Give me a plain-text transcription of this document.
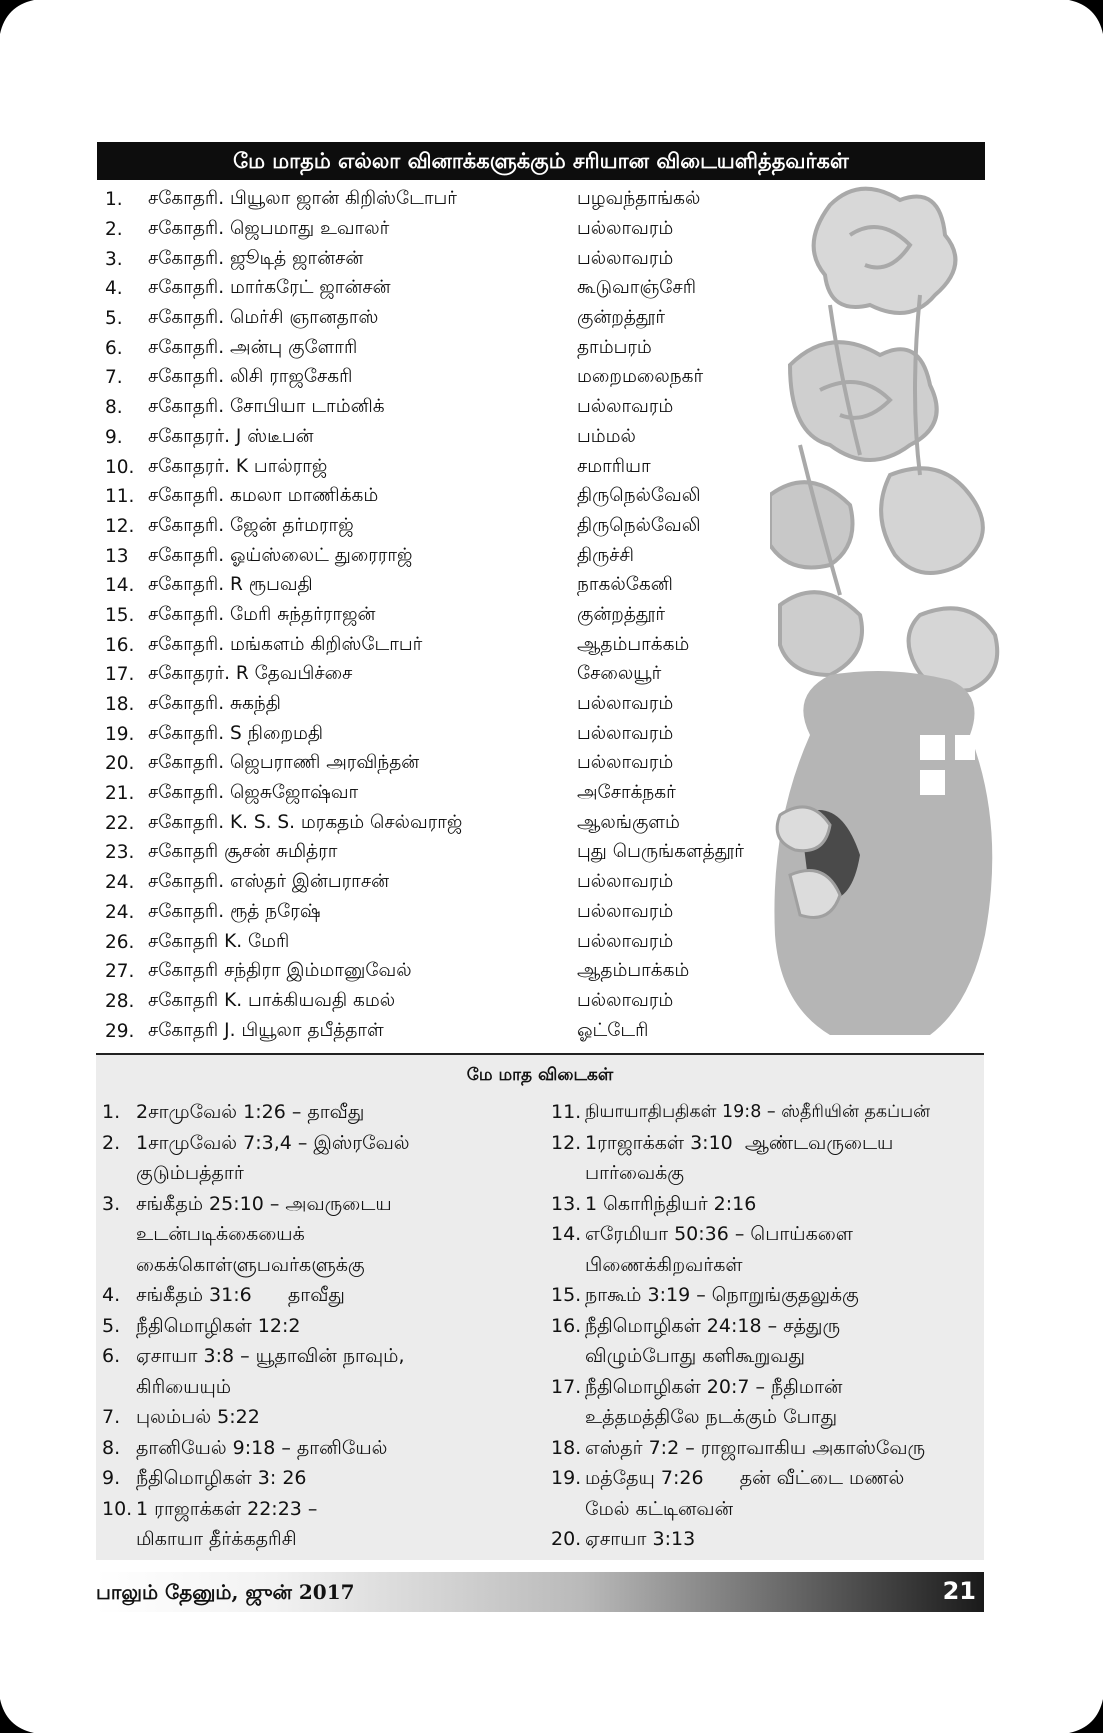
மே மாதம் எல்லா வினாக்களுக்கும் சரியான விடையளித்தவர்கள்
1.	சகோதரி. பியூலா ஜான் கிறிஸ்டோபர்	பழவந்தாங்கல்
2.	சகோதரி. ஜெபமாது உவாலர்	பல்லாவரம்
3.	சகோதரி. ஜூடித் ஜான்சன்	பல்லாவரம்
4.	சகோதரி. மார்கரேட் ஜான்சன்	கூடுவாஞ்சேரி
5.	சகோதரி. மெர்சி ஞானதாஸ்	குன்றத்தூர்
6.	சகோதரி. அன்பு குளோரி	தாம்பரம்
7.	சகோதரி. லிசி ராஜசேகரி	மறைமலைநகர்
8.	சகோதரி. சோபியா டாம்னிக்	பல்லாவரம்
9.	சகோதரர். J ஸ்டீபன்	பம்மல்
10. சகோதரர். K பால்ராஜ்	சமாரியா
11. சகோதரி. கமலா மாணிக்கம்	திருநெல்வேலி
12. சகோதரி. ஜேன் தர்மராஜ்	திருநெல்வேலி
13	சகோதரி. ஓய்ஸ்லைட் துரைராஜ்	திருச்சி
14. சகோதரி. R ரூபவதி	நாகல்கேனி
15. சகோதரி. மேரி சுந்தர்ராஜன்	குன்றத்தூர்
16. சகோதரி. மங்களம் கிறிஸ்டோபர்	ஆதம்பாக்கம்
17. சகோதரர். R தேவபிச்சை	சேலையூர்
18. சகோதரி. சுகந்தி	பல்லாவரம்
19. சகோதரி. S நிறைமதி	பல்லாவரம்
20. சகோதரி. ஜெபராணி அரவிந்தன்	பல்லாவரம்
21. சகோதரி. ஜெசுஜோஷ்வா	அசோக்நகர்
22. சகோதரி. K. S. S. மரகதம் செல்வராஜ்	ஆலங்குளம்
23. சகோதரி சூசன் சுமித்ரா	புது பெருங்களத்தூர்
24. சகோதரி. எஸ்தர் இன்பராசன்	பல்லாவரம்
24. சகோதரி. ரூத் நரேஷ்	பல்லாவரம்
26. சகோதரி K. மேரி	பல்லாவரம்
27. சகோதரி சந்திரா இம்மானுவேல்	ஆதம்பாக்கம்
28. சகோதரி K. பாக்கியவதி கமல்	பல்லாவரம்
29. சகோதரி J. பியூலா தபீத்தாள்	ஓட்டேரி
மே மாத விடைகள்
1. 2சாமுவேல் 1:26 – தாவீது
2. 1சாமுவேல் 7:3,4 – இஸ்ரவேல்
குடும்பத்தார்
3. சங்கீதம் 25:10 – அவருடைய
உடன்படிக்கையைக்
கைக்கொள்ளுபவர்களுக்கு
4. சங்கீதம் 31:6      தாவீது
5. நீதிமொழிகள் 12:2
6. ஏசாயா 3:8 – யூதாவின் நாவும்,
கிரியையும்
7. புலம்பல் 5:22
8. தானியேல் 9:18 – தானியேல்
9. நீதிமொழிகள் 3: 26
10. 1 ராஜாக்கள் 22:23 –
மிகாயா தீர்க்கதரிசி
11. நியாயாதிபதிகள் 19:8 – ஸ்தீரியின் தகப்பன்
12. 1ராஜாக்கள் 3:10  ஆண்டவருடைய
பார்வைக்கு
13. 1 கொரிந்தியர் 2:16
14. எரேமியா 50:36 – பொய்களை
பிணைக்கிறவர்கள்
15. நாகூம் 3:19 – நொறுங்குதலுக்கு
16. நீதிமொழிகள் 24:18 – சத்துரு
விழும்போது களிகூறுவது
17. நீதிமொழிகள் 20:7 – நீதிமான்
உத்தமத்திலே நடக்கும் போது
18. எஸ்தர் 7:2 – ராஜாவாகிய அகாஸ்வேரு
19. மத்தேயு 7:26      தன் வீட்டை மணல்
மேல் கட்டினவன்
20. ஏசாயா 3:13
பாலும் தேனும், ஜுன் 2017	21
